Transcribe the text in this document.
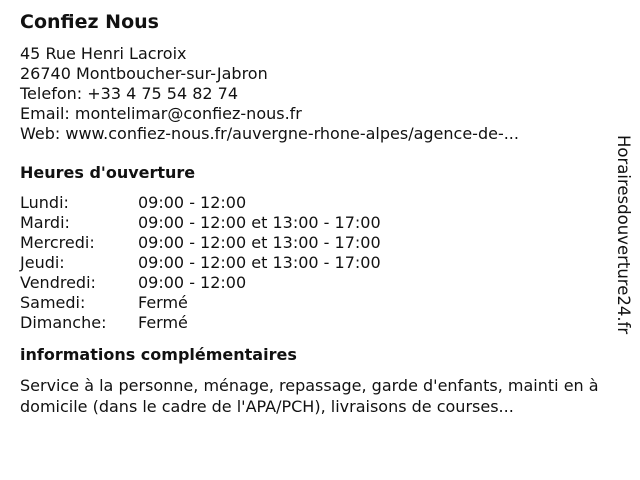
Confiez Nous
45 Rue Henri Lacroix
26740 Montboucher-sur-Jabron
Telefon: +33 4 75 54 82 74
Email: montelimar@confiez-nous.fr
Web: www.confiez-nous.fr/auvergne-rhone-alpes/agence-de-...
Heures d'ouverture
Lundi:	09:00 - 12:00
Mardi:	09:00 - 12:00 et 13:00 - 17:00
Mercredi:	09:00 - 12:00 et 13:00 - 17:00
Jeudi:	09:00 - 12:00 et 13:00 - 17:00
Vendredi:	09:00 - 12:00
Samedi:	Fermé
Dimanche:	Fermé
informations complémentaires
Service à la personne, ménage, repassage, garde d'enfants, mainti en à domicile (dans le cadre de l'APA/PCH), livraisons de courses...
Horairesdouverture24.fr
